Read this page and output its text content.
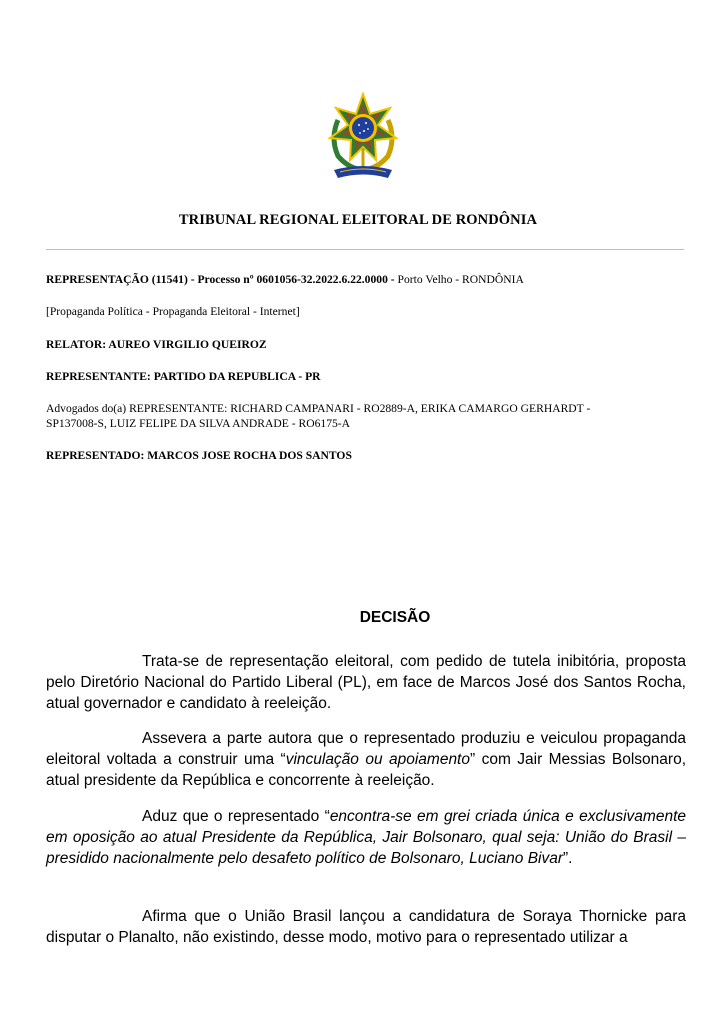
TRIBUNAL REGIONAL ELEITORAL DE RONDÔNIA
REPRESENTAÇÃO (11541) - Processo nº 0601056-32.2022.6.22.0000 - Porto Velho - RONDÔNIA
[Propaganda Política - Propaganda Eleitoral - Internet]
RELATOR: AUREO VIRGILIO QUEIROZ
REPRESENTANTE: PARTIDO DA REPUBLICA - PR
Advogados do(a) REPRESENTANTE: RICHARD CAMPANARI - RO2889-A, ERIKA CAMARGO GERHARDT -
SP137008-S, LUIZ FELIPE DA SILVA ANDRADE - RO6175-A
REPRESENTADO: MARCOS JOSE ROCHA DOS SANTOS
DECISÃO

Trata-se de representação eleitoral, com pedido de tutela inibitória, proposta pelo Diretório Nacional do Partido Liberal (PL), em face de Marcos José dos Santos Rocha, atual governador e candidato à reeleição.

Assevera a parte autora que o representado produziu e veiculou propaganda eleitoral voltada a construir uma “vinculação ou apoiamento” com Jair Messias Bolsonaro, atual presidente da República e concorrente à reeleição.

Aduz que o representado “encontra-se em grei criada única e exclusivamente em oposição ao atual Presidente da República, Jair Bolsonaro, qual seja: União do Brasil – presidido nacionalmente pelo desafeto político de Bolsonaro, Luciano Bivar”.

Afirma que o União Brasil lançou a candidatura de Soraya Thornicke para disputar o Planalto, não existindo, desse modo, motivo para o representado utilizar a
